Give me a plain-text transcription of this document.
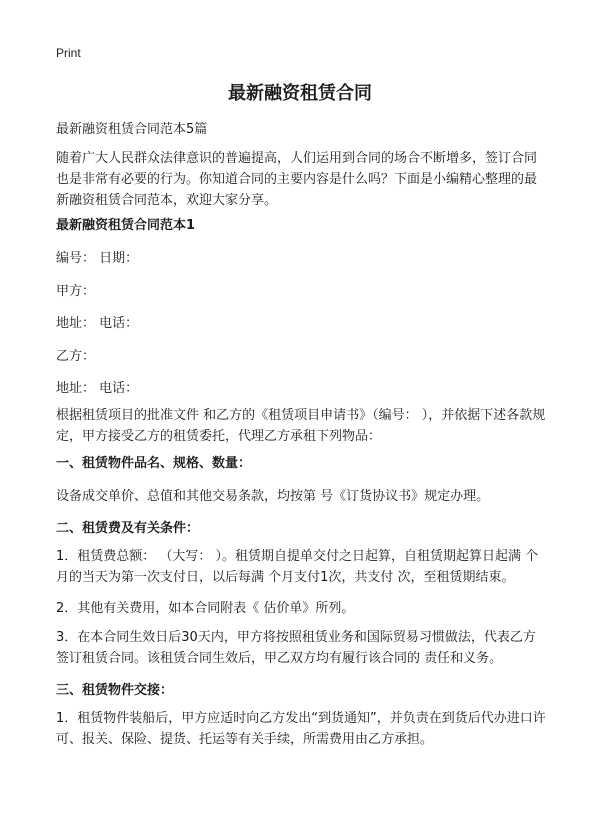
Print
最新融资租赁合同
最新融资租赁合同范本5篇
随着广大人民群众法律意识的普遍提高，人们运用到合同的场合不断增多，签订合同也是非常有必要的行为。你知道合同的主要内容是什么吗？下面是小编精心整理的最新融资租赁合同范本，欢迎大家分享。
最新融资租赁合同范本1
编号： 日期：
甲方：
地址： 电话：
乙方：
地址： 电话：
根据租赁项目的批准文件 和乙方的《租赁项目申请书》（编号： ），并依据下述各款规定，甲方接受乙方的租赁委托，代理乙方承租下列物品：
一、租赁物件品名、规格、数量：
设备成交单价、总值和其他交易条款，均按第 号《订货协议书》规定办理。
二、租赁费及有关条件：
1．租赁费总额： （大写： ）。租赁期自提单交付之日起算，自租赁期起算日起满 个月的当天为第一次支付日，以后每满 个月支付1次，共支付 次，至租赁期结束。
2．其他有关费用，如本合同附表《 估价单》所列。
3．在本合同生效日后30天内，甲方将按照租赁业务和国际贸易习惯做法，代表乙方签订租赁合同。该租赁合同生效后，甲乙双方均有履行该合同的 责任和义务。
三、租赁物件交接：
1．租赁物件装船后，甲方应适时向乙方发出“到货通知”，并负责在到货后代办进口许可、报关、保险、提货、托运等有关手续，所需费用由乙方承担。
